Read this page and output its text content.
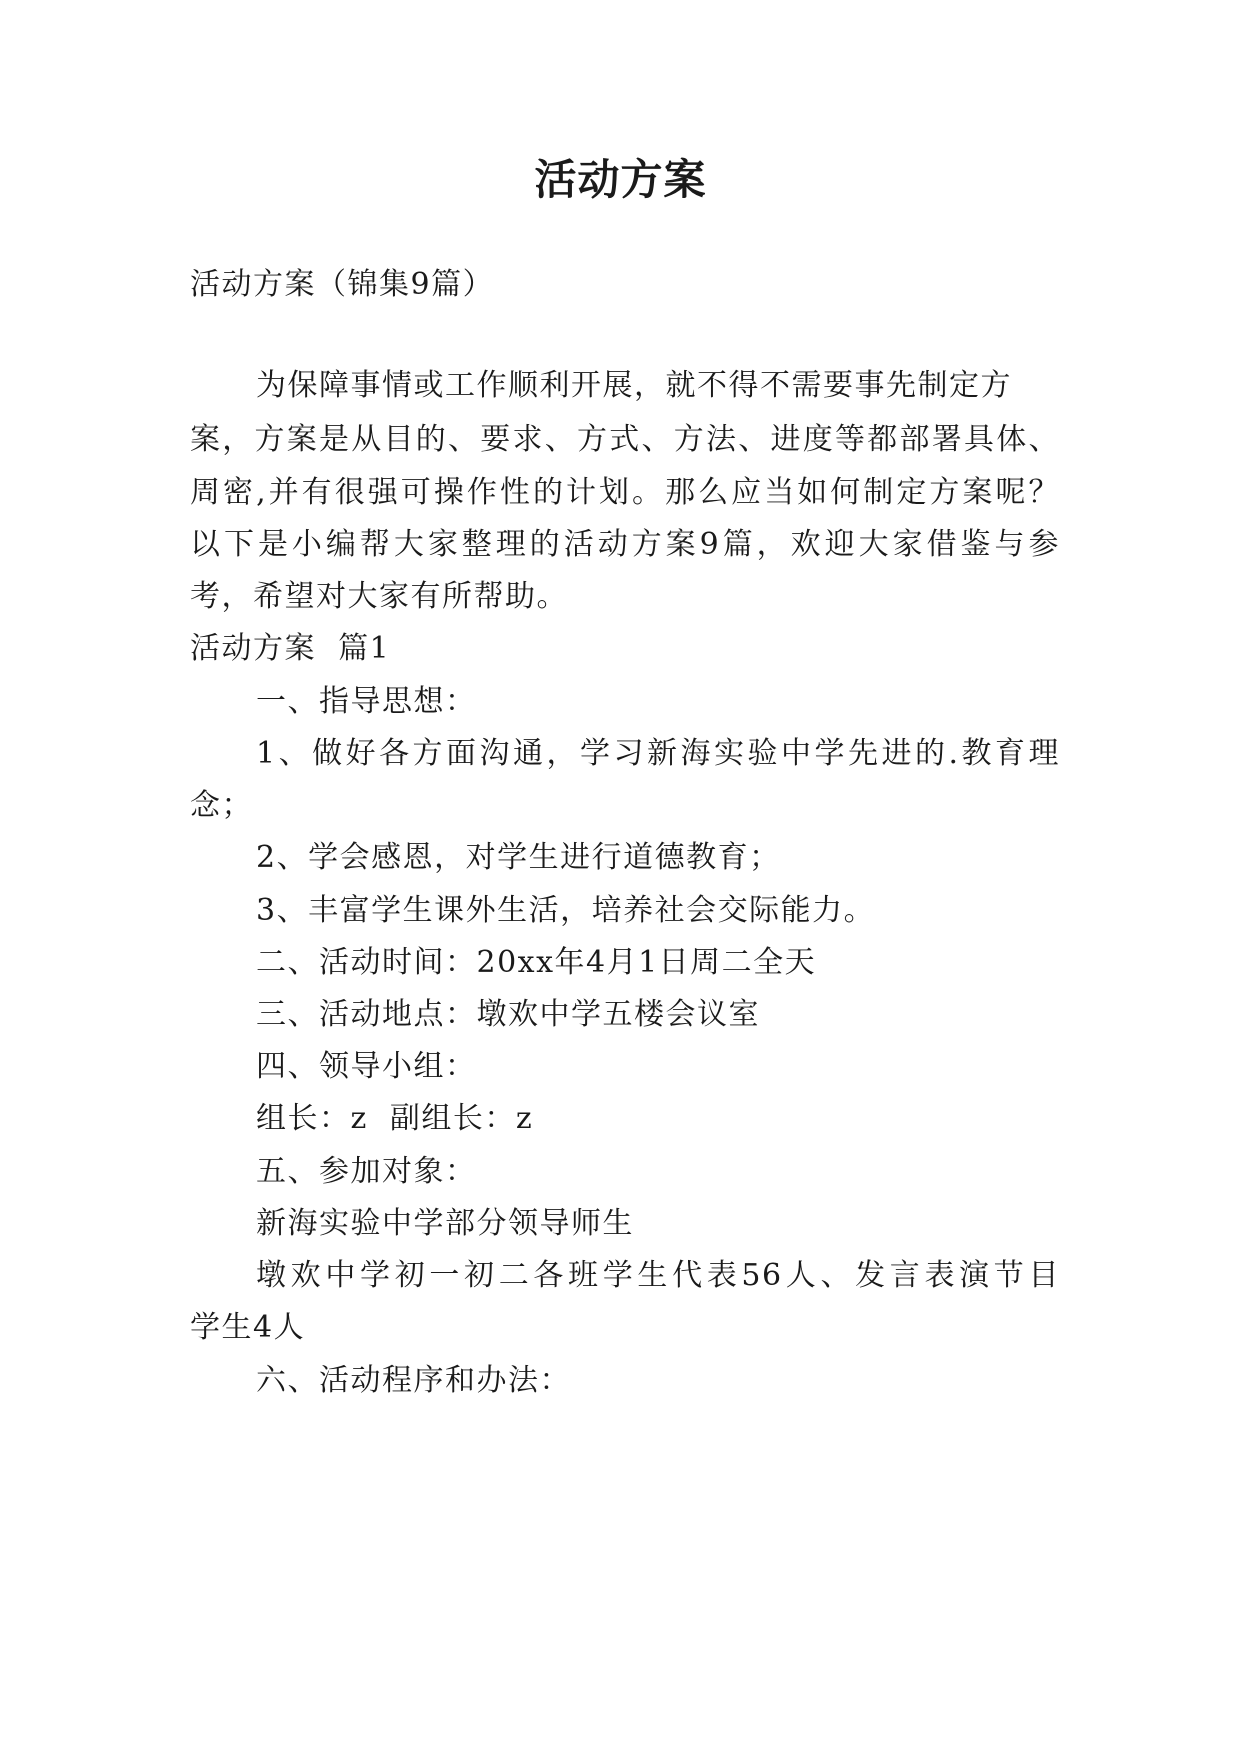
活动方案

活动方案（锦集9篇）

为保障事情或工作顺利开展，就不得不需要事先制定方

案，方案是从目的、要求、方式、方法、进度等都部署具体、

周密,并有很强可操作性的计划。那么应当如何制定方案呢？

以下是小编帮大家整理的活动方案9篇，欢迎大家借鉴与参

考，希望对大家有所帮助。

活动方案  篇1

一、指导思想：

1、做好各方面沟通，学习新海实验中学先进的.教育理

念；

2、学会感恩，对学生进行道德教育；

3、丰富学生课外生活，培养社会交际能力。

二、活动时间：20xx年4月1日周二全天

三、活动地点：墩欢中学五楼会议室

四、领导小组：

组长：z  副组长：z

五、参加对象：

新海实验中学部分领导师生

墩欢中学初一初二各班学生代表56人、发言表演节目

学生4人

六、活动程序和办法：
